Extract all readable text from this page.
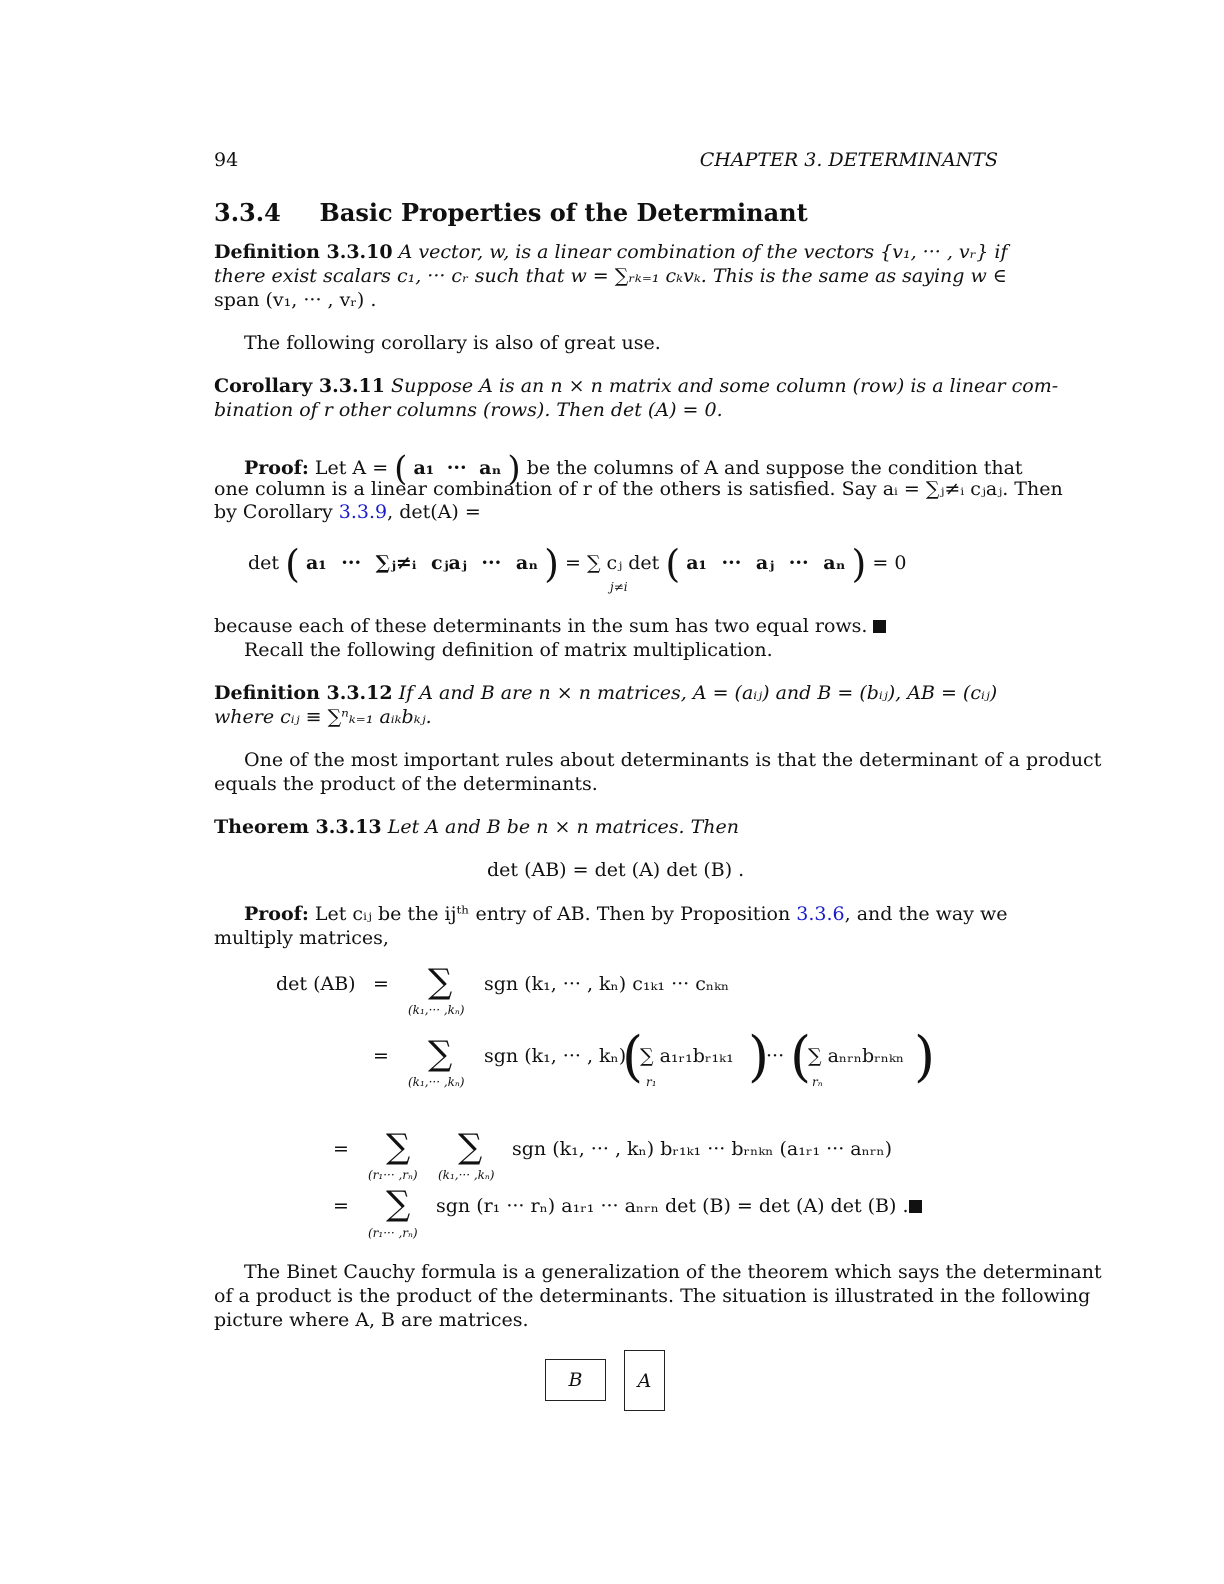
94	CHAPTER 3. DETERMINANTS
3.3.4 Basic Properties of the Determinant
Definition 3.3.10 A vector, w, is a linear combination of the vectors {v₁, ··· , vᵣ} if
there exist scalars c₁, ··· cᵣ such that w = ∑ᵣₖ₌₁ cₖvₖ. This is the same as saying w ∈
span (v₁, ··· , vᵣ) .
The following corollary is also of great use.
Corollary 3.3.11 Suppose A is an n × n matrix and some column (row) is a linear com-
bination of r other columns (rows). Then det (A) = 0.
Proof: Let A = ( a₁ ··· aₙ ) be the columns of A and suppose the condition that
one column is a linear combination of r of the others is satisfied. Say aᵢ = ∑ⱼ≠ᵢ cⱼaⱼ. Then
by Corollary 3.3.9, det(A) =
det ( a₁ ··· ∑ⱼ≠ᵢ cⱼaⱼ ··· aₙ ) = ∑ cⱼ det ( a₁ ··· aⱼ ··· aₙ ) = 0
j≠i
because each of these determinants in the sum has two equal rows.
Recall the following definition of matrix multiplication.
Definition 3.3.12 If A and B are n × n matrices, A = (aᵢⱼ) and B = (bᵢⱼ), AB = (cᵢⱼ)
where cᵢⱼ ≡ ∑ⁿₖ₌₁ aᵢₖbₖⱼ.
One of the most important rules about determinants is that the determinant of a product
equals the product of the determinants.
Theorem 3.3.13 Let A and B be n × n matrices. Then
det (AB) = det (A) det (B) .
Proof: Let cᵢⱼ be the ijᵗʰ entry of AB. Then by Proposition 3.3.6, and the way we
multiply matrices,
det (AB) = ∑
(k₁,··· ,kₙ)
sgn (k₁, ··· , kₙ) c₁ₖ₁ ··· cₙₖₙ
= ∑
(k₁,··· ,kₙ)
sgn (k₁, ··· , kₙ)
(
∑ a₁ᵣ₁bᵣ₁ₖ₁
r₁ )
··· (
∑ aₙᵣₙbᵣₙₖₙ
rₙ )
= ∑ ∑
(r₁··· ,rₙ) (k₁,··· ,kₙ)
sgn (k₁, ··· , kₙ) bᵣ₁ₖ₁ ··· bᵣₙₖₙ (a₁ᵣ₁ ··· aₙᵣₙ)
= ∑
(r₁··· ,rₙ)
sgn (r₁ ··· rₙ) a₁ᵣ₁ ··· aₙᵣₙ det (B) = det (A) det (B) .
The Binet Cauchy formula is a generalization of the theorem which says the determinant
of a product is the product of the determinants. The situation is illustrated in the following
picture where A, B are matrices.
B	A
